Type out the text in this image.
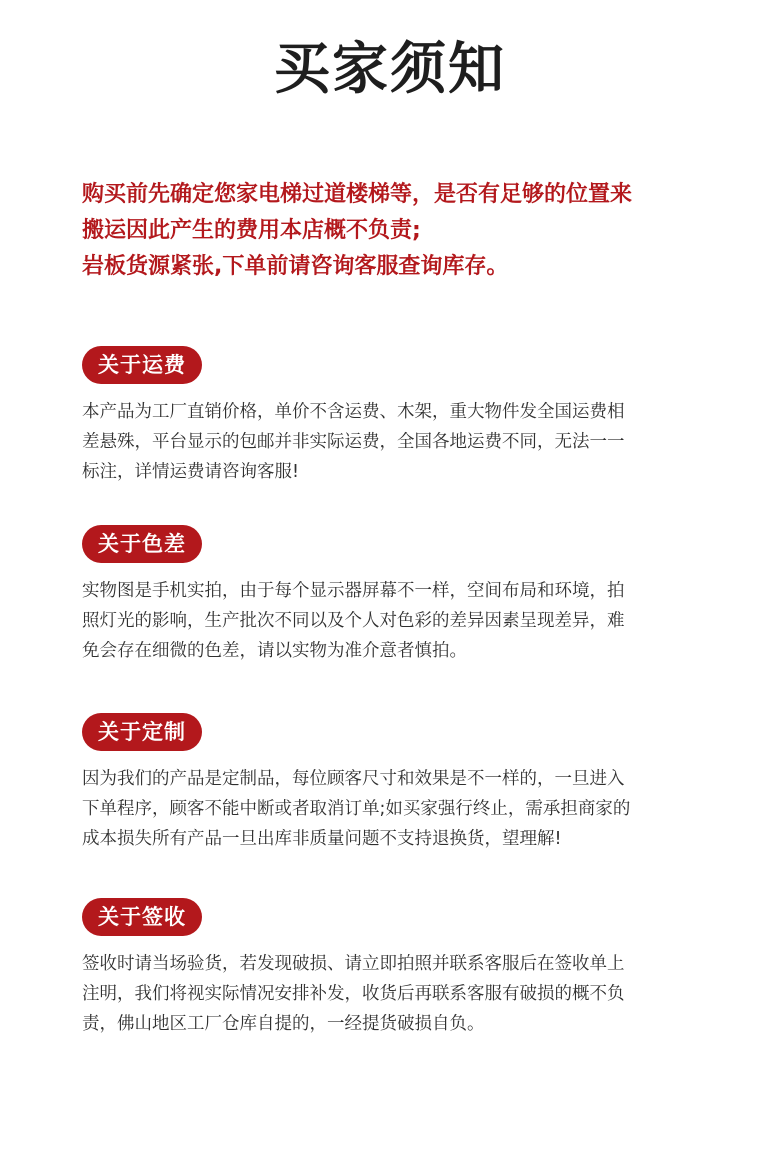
买家须知
购买前先确定您家电梯过道楼梯等，是否有足够的位置来
搬运因此产生的费用本店概不负责;
岩板货源紧张,下单前请咨询客服查询库存。
关于运费
本产品为工厂直销价格，单价不含运费、木架，重大物件发全国运费相
差悬殊，平台显示的包邮并非实际运费，全国各地运费不同，无法一一
标注，详情运费请咨询客服!
关于色差
实物图是手机实拍，由于每个显示器屏幕不一样，空间布局和环境，拍
照灯光的影响，生产批次不同以及个人对色彩的差异因素呈现差异，难
免会存在细微的色差，请以实物为准介意者慎拍。
关于定制
因为我们的产品是定制品，每位顾客尺寸和效果是不一样的，一旦进入
下单程序，顾客不能中断或者取消订单;如买家强行终止，需承担商家的
成本损失所有产品一旦出库非质量问题不支持退换货，望理解!
关于签收
签收时请当场验货，若发现破损、请立即拍照并联系客服后在签收单上
注明，我们将视实际情况安排补发，收货后再联系客服有破损的概不负
责，佛山地区工厂仓库自提的，一经提货破损自负。
